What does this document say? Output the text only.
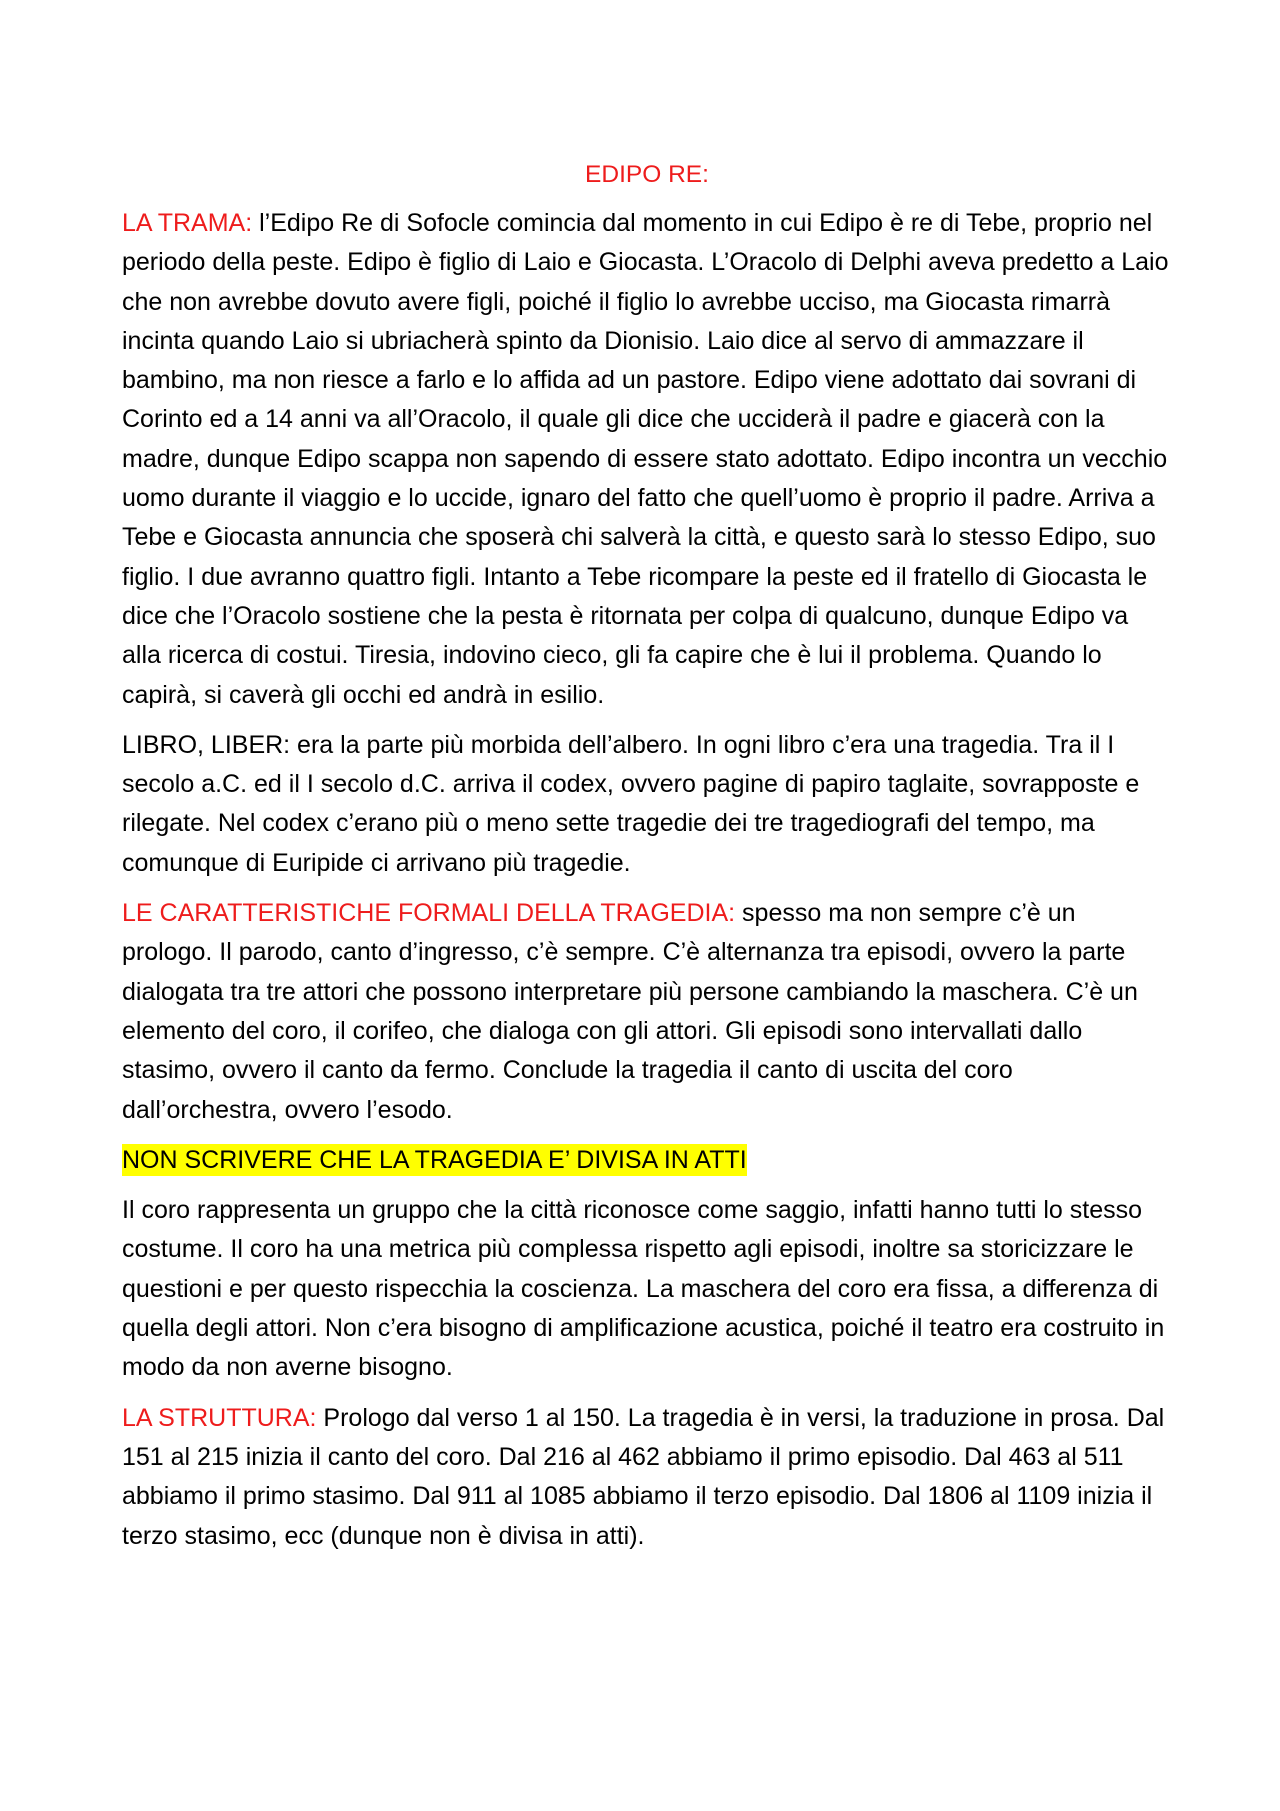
EDIPO RE:

LA TRAMA: l’Edipo Re di Sofocle comincia dal momento in cui Edipo è re di Tebe, proprio nel periodo della peste. Edipo è figlio di Laio e Giocasta. L’Oracolo di Delphi aveva predetto a Laio che non avrebbe dovuto avere figli, poiché il figlio lo avrebbe ucciso, ma Giocasta rimarrà incinta quando Laio si ubriacherà spinto da Dionisio. Laio dice al servo di ammazzare il bambino, ma non riesce a farlo e lo affida ad un pastore. Edipo viene adottato dai sovrani di Corinto ed a 14 anni va all’Oracolo, il quale gli dice che ucciderà il padre e giacerà con la madre, dunque Edipo scappa non sapendo di essere stato adottato. Edipo incontra un vecchio uomo durante il viaggio e lo uccide, ignaro del fatto che quell’uomo è proprio il padre. Arriva a Tebe e Giocasta annuncia che sposerà chi salverà la città, e questo sarà lo stesso Edipo, suo figlio. I due avranno quattro figli. Intanto a Tebe ricompare la peste ed il fratello di Giocasta le dice che l’Oracolo sostiene che la pesta è ritornata per colpa di qualcuno, dunque Edipo va alla ricerca di costui. Tiresia, indovino cieco, gli fa capire che è lui il problema. Quando lo capirà, si caverà gli occhi ed andrà in esilio.

LIBRO, LIBER: era la parte più morbida dell’albero. In ogni libro c’era una tragedia. Tra il I secolo a.C. ed il I secolo d.C. arriva il codex, ovvero pagine di papiro taglaite, sovrapposte e rilegate. Nel codex c’erano più o meno sette tragedie dei tre tragediografi del tempo, ma comunque di Euripide ci arrivano più tragedie.

LE CARATTERISTICHE FORMALI DELLA TRAGEDIA: spesso ma non sempre c’è un prologo. Il parodo, canto d’ingresso, c’è sempre. C’è alternanza tra episodi, ovvero la parte dialogata tra tre attori che possono interpretare più persone cambiando la maschera. C’è un elemento del coro, il corifeo, che dialoga con gli attori. Gli episodi sono intervallati dallo stasimo, ovvero il canto da fermo. Conclude la tragedia il canto di uscita del coro dall’orchestra, ovvero l’esodo.

NON SCRIVERE CHE LA TRAGEDIA E’ DIVISA IN ATTI

Il coro rappresenta un gruppo che la città riconosce come saggio, infatti hanno tutti lo stesso costume. Il coro ha una metrica più complessa rispetto agli episodi, inoltre sa storicizzare le questioni e per questo rispecchia la coscienza. La maschera del coro era fissa, a differenza di quella degli attori. Non c’era bisogno di amplificazione acustica, poiché il teatro era costruito in modo da non averne bisogno.

LA STRUTTURA: Prologo dal verso 1 al 150. La tragedia è in versi, la traduzione in prosa. Dal 151 al 215 inizia il canto del coro. Dal 216 al 462 abbiamo il primo episodio. Dal 463 al 511 abbiamo il primo stasimo. Dal 911 al 1085 abbiamo il terzo episodio. Dal 1806 al 1109 inizia il terzo stasimo, ecc (dunque non è divisa in atti).
